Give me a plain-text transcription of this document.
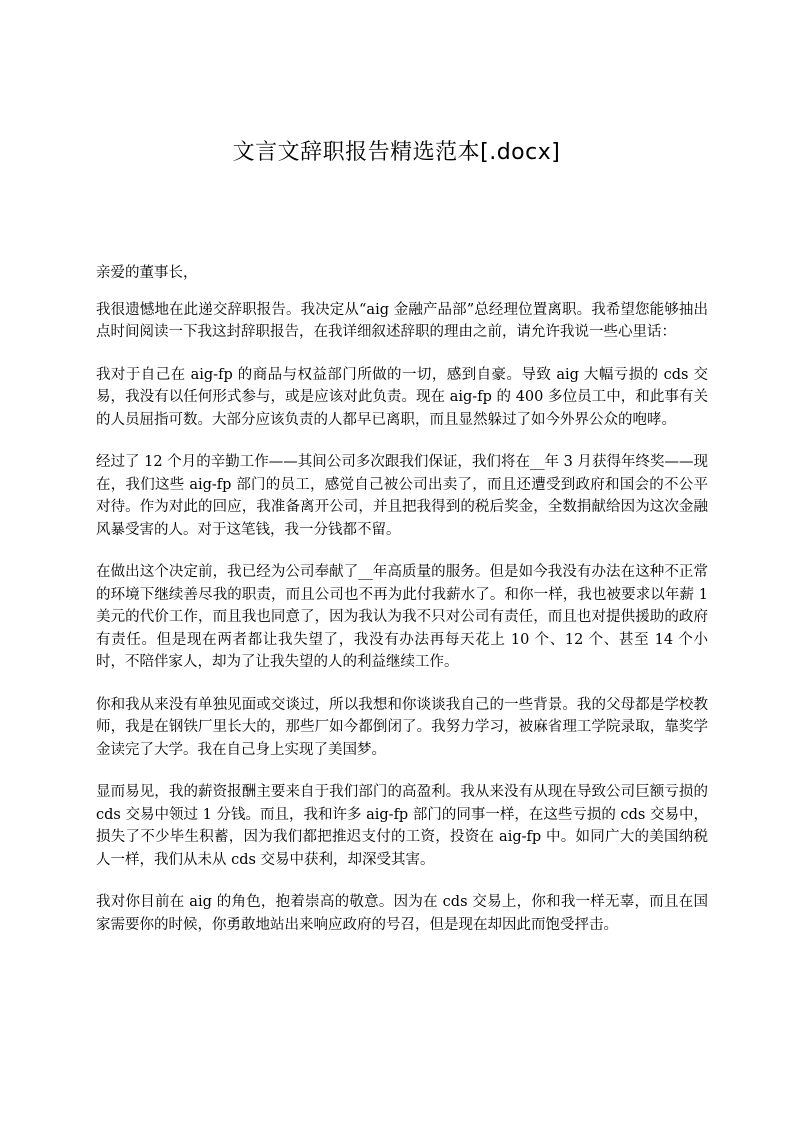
文言文辞职报告精选范本[.docx]

亲爱的董事长，

我很遗憾地在此递交辞职报告。我决定从“aig 金融产品部”总经理位置离职。我希望您能够抽出点时间阅读一下我这封辞职报告，在我详细叙述辞职的理由之前，请允许我说一些心里话：

我对于自己在 aig-fp 的商品与权益部门所做的一切，感到自豪。导致 aig 大幅亏损的 cds 交易，我没有以任何形式参与，或是应该对此负责。现在 aig-fp 的 400 多位员工中，和此事有关的人员屈指可数。大部分应该负责的人都早已离职，而且显然躲过了如今外界公众的咆哮。

经过了 12 个月的辛勤工作——其间公司多次跟我们保证，我们将在__年 3 月获得年终奖——现在，我们这些 aig-fp 部门的员工，感觉自己被公司出卖了，而且还遭受到政府和国会的不公平对待。作为对此的回应，我准备离开公司，并且把我得到的税后奖金，全数捐献给因为这次金融风暴受害的人。对于这笔钱，我一分钱都不留。

在做出这个决定前，我已经为公司奉献了__年高质量的服务。但是如今我没有办法在这种不正常的环境下继续善尽我的职责，而且公司也不再为此付我薪水了。和你一样，我也被要求以年薪 1 美元的代价工作，而且我也同意了，因为我认为我不只对公司有责任，而且也对提供援助的政府有责任。但是现在两者都让我失望了，我没有办法再每天花上 10 个、12 个、甚至 14 个小时，不陪伴家人，却为了让我失望的人的利益继续工作。

你和我从来没有单独见面或交谈过，所以我想和你谈谈我自己的一些背景。我的父母都是学校教师，我是在钢铁厂里长大的，那些厂如今都倒闭了。我努力学习，被麻省理工学院录取，靠奖学金读完了大学。我在自己身上实现了美国梦。

显而易见，我的薪资报酬主要来自于我们部门的高盈利。我从来没有从现在导致公司巨额亏损的 cds 交易中领过 1 分钱。而且，我和许多 aig-fp 部门的同事一样，在这些亏损的 cds 交易中，损失了不少毕生积蓄，因为我们都把推迟支付的工资，投资在 aig-fp 中。如同广大的美国纳税人一样，我们从未从 cds 交易中获利，却深受其害。

我对你目前在 aig 的角色，抱着崇高的敬意。因为在 cds 交易上，你和我一样无辜，而且在国家需要你的时候，你勇敢地站出来响应政府的号召，但是现在却因此而饱受抨击。
